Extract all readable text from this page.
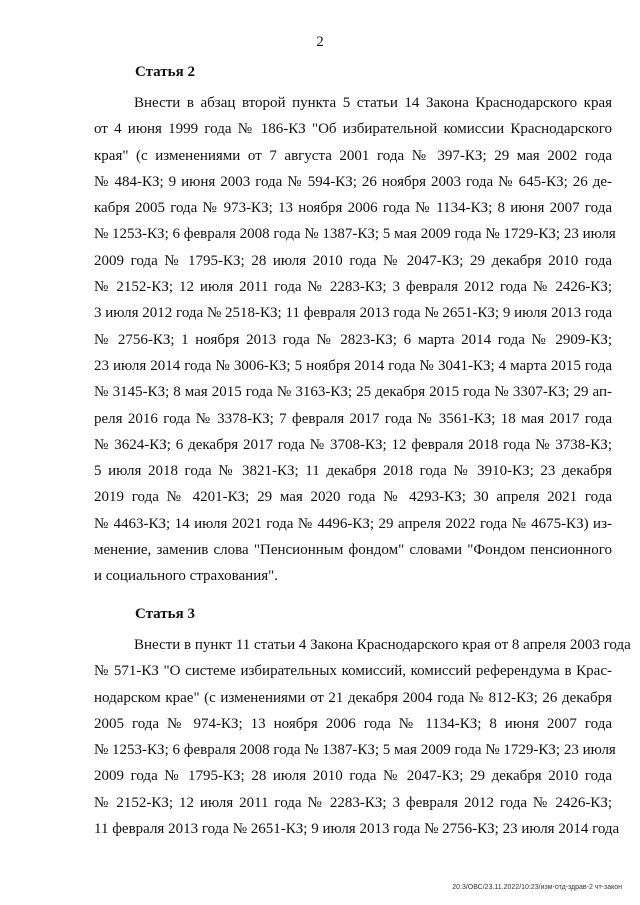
2
Статья 2
Внести в абзац второй пункта 5 статьи 14 Закона Краснодарского края
от 4 июня 1999 года № 186-КЗ "Об избирательной комиссии Краснодарского
края" (с изменениями от 7 августа 2001 года № 397-КЗ; 29 мая 2002 года
№ 484-КЗ; 9 июня 2003 года № 594-КЗ; 26 ноября 2003 года № 645-КЗ; 26 де-
кабря 2005 года № 973-КЗ; 13 ноября 2006 года № 1134-КЗ; 8 июня 2007 года
№ 1253-КЗ; 6 февраля 2008 года № 1387-КЗ; 5 мая 2009 года № 1729-КЗ; 23 июля
2009 года № 1795-КЗ; 28 июля 2010 года № 2047-КЗ; 29 декабря 2010 года
№ 2152-КЗ; 12 июля 2011 года № 2283-КЗ; 3 февраля 2012 года № 2426-КЗ;
3 июля 2012 года № 2518-КЗ; 11 февраля 2013 года № 2651-КЗ; 9 июля 2013 года
№ 2756-КЗ; 1 ноября 2013 года № 2823-КЗ; 6 марта 2014 года № 2909-КЗ;
23 июля 2014 года № 3006-КЗ; 5 ноября 2014 года № 3041-КЗ; 4 марта 2015 года
№ 3145-КЗ; 8 мая 2015 года № 3163-КЗ; 25 декабря 2015 года № 3307-КЗ; 29 ап-
реля 2016 года № 3378-КЗ; 7 февраля 2017 года № 3561-КЗ; 18 мая 2017 года
№ 3624-КЗ; 6 декабря 2017 года № 3708-КЗ; 12 февраля 2018 года № 3738-КЗ;
5 июля 2018 года № 3821-КЗ; 11 декабря 2018 года № 3910-КЗ; 23 декабря
2019 года № 4201-КЗ; 29 мая 2020 года № 4293-КЗ; 30 апреля 2021 года
№ 4463-КЗ; 14 июля 2021 года № 4496-КЗ; 29 апреля 2022 года № 4675-КЗ) из-
менение, заменив слова "Пенсионным фондом" словами "Фондом пенсионного
и социального страхования".
Статья 3
Внести в пункт 11 статьи 4 Закона Краснодарского края от 8 апреля 2003 года
№ 571-КЗ "О системе избирательных комиссий, комиссий референдума в Крас-
нодарском крае" (с изменениями от 21 декабря 2004 года № 812-КЗ; 26 декабря
2005 года № 974-КЗ; 13 ноября 2006 года № 1134-КЗ; 8 июня 2007 года
№ 1253-КЗ; 6 февраля 2008 года № 1387-КЗ; 5 мая 2009 года № 1729-КЗ; 23 июля
2009 года № 1795-КЗ; 28 июля 2010 года № 2047-КЗ; 29 декабря 2010 года
№ 2152-КЗ; 12 июля 2011 года № 2283-КЗ; 3 февраля 2012 года № 2426-КЗ;
11 февраля 2013 года № 2651-КЗ; 9 июля 2013 года № 2756-КЗ; 23 июля 2014 года
20.3/ОВС/23.11.2022/10:23/изм-отд-здрав-2 чт-закон
